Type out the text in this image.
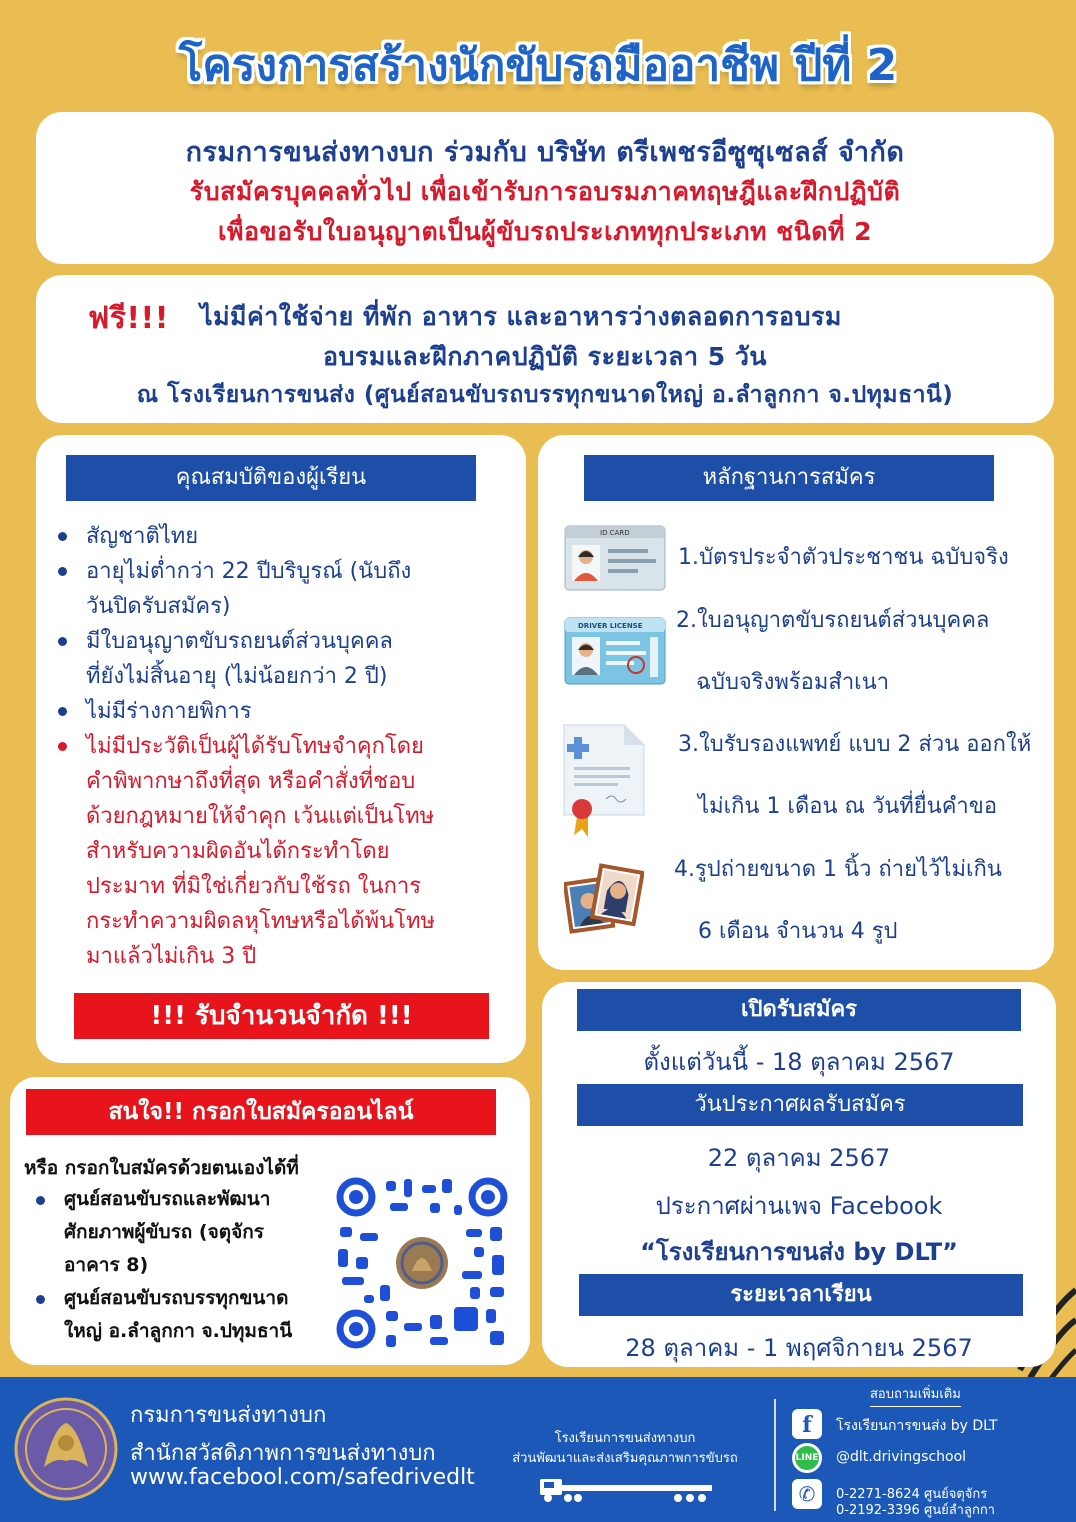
โครงการสร้างนักขับรถมืออาชีพ ปีที่ 2
กรมการขนส่งทางบก ร่วมกับ บริษัท ตรีเพชรอีซูซุเซลส์ จำกัด
รับสมัครบุคคลทั่วไป เพื่อเข้ารับการอบรมภาคทฤษฎีและฝึกปฏิบัติ
เพื่อขอรับใบอนุญาตเป็นผู้ขับรถประเภททุกประเภท ชนิดที่ 2
ฟรี!!! ไม่มีค่าใช้จ่าย ที่พัก อาหาร และอาหารว่างตลอดการอบรม
อบรมและฝึกภาคปฏิบัติ ระยะเวลา 5 วัน
ณ โรงเรียนการขนส่ง (ศูนย์สอนขับรถบรรทุกขนาดใหญ่ อ.ลำลูกกา จ.ปทุมธานี)
คุณสมบัติของผู้เรียน
สัญชาติไทย
อายุไม่ต่ำกว่า 22 ปีบริบูรณ์ (นับถึง
วันปิดรับสมัคร)
มีใบอนุญาตขับรถยนต์ส่วนบุคคล
ที่ยังไม่สิ้นอายุ (ไม่น้อยกว่า 2 ปี)
ไม่มีร่างกายพิการ
ไม่มีประวัติเป็นผู้ได้รับโทษจำคุกโดย
คำพิพากษาถึงที่สุด หรือคำสั่งที่ชอบ
ด้วยกฎหมายให้จำคุก เว้นแต่เป็นโทษ
สำหรับความผิดอันได้กระทำโดย
ประมาท ที่มิใช่เกี่ยวกับใช้รถ ในการ
กระทำความผิดลหุโทษหรือได้พ้นโทษ
มาแล้วไม่เกิน 3 ปี
!!! รับจำนวนจำกัด !!!
หลักฐานการสมัคร
ID CARD
1.บัตรประจำตัวประชาชน ฉบับจริง
DRIVER LICENSE 2.ใบอนุญาตขับรถยนต์ส่วนบุคคล
ฉบับจริงพร้อมสำเนา
3.ใบรับรองแพทย์ แบบ 2 ส่วน ออกให้
ไม่เกิน 1 เดือน ณ วันที่ยื่นคำขอ
4.รูปถ่ายขนาด 1 นิ้ว ถ่ายไว้ไม่เกิน
6 เดือน จำนวน 4 รูป
เปิดรับสมัคร
ตั้งแต่วันนี้ - 18 ตุลาคม 2567
วันประกาศผลรับสมัคร
22 ตุลาคม 2567
ประกาศผ่านเพจ Facebook
“โรงเรียนการขนส่ง by DLT”
ระยะเวลาเรียน
28 ตุลาคม - 1 พฤศจิกายน 2567
สนใจ!! กรอกใบสมัครออนไลน์
หรือ กรอกใบสมัครด้วยตนเองได้ที่
ศูนย์สอนขับรถและพัฒนา
ศักยภาพผู้ขับรถ (จตุจักร
อาคาร 8)
ศูนย์สอนขับรถบรรทุกขนาด
ใหญ่ อ.ลำลูกกา จ.ปทุมธานี
กรมการขนส่งทางบก
สำนักสวัสดิภาพการขนส่งทางบก
www.facebool.com/safedrivedlt
โรงเรียนการขนส่งทางบก
ส่วนพัฒนาและส่งเสริมคุณภาพการขับรถ
สอบถามเพิ่มเติม
f	โรงเรียนการขนส่ง by DLT
LINE @dlt.drivingschool
✆	0-2271-8624 ศูนย์จตุจักร
0-2192-3396 ศูนย์ลำลูกกา
